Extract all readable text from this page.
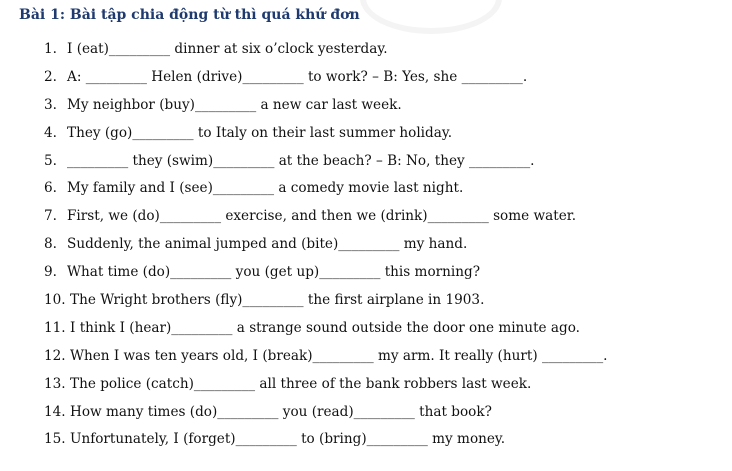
Bài 1: Bài tập chia động từ thì quá khứ đơn
1. I (eat)_________ dinner at six o’clock yesterday.
2. A: _________ Helen (drive)_________ to work? – B: Yes, she _________.
3. My neighbor (buy)_________ a new car last week.
4. They (go)_________ to Italy on their last summer holiday.
5. _________ they (swim)_________ at the beach? – B: No, they _________.
6. My family and I (see)_________ a comedy movie last night.
7. First, we (do)_________ exercise, and then we (drink)_________ some water.
8. Suddenly, the animal jumped and (bite)_________ my hand.
9. What time (do)_________ you (get up)_________ this morning?
10. The Wright brothers (fly)_________ the first airplane in 1903.
11. I think I (hear)_________ a strange sound outside the door one minute ago.
12. When I was ten years old, I (break)_________ my arm. It really (hurt) _________.
13. The police (catch)_________ all three of the bank robbers last week.
14. How many times (do)_________ you (read)_________ that book?
15. Unfortunately, I (forget)_________ to (bring)_________ my money.
